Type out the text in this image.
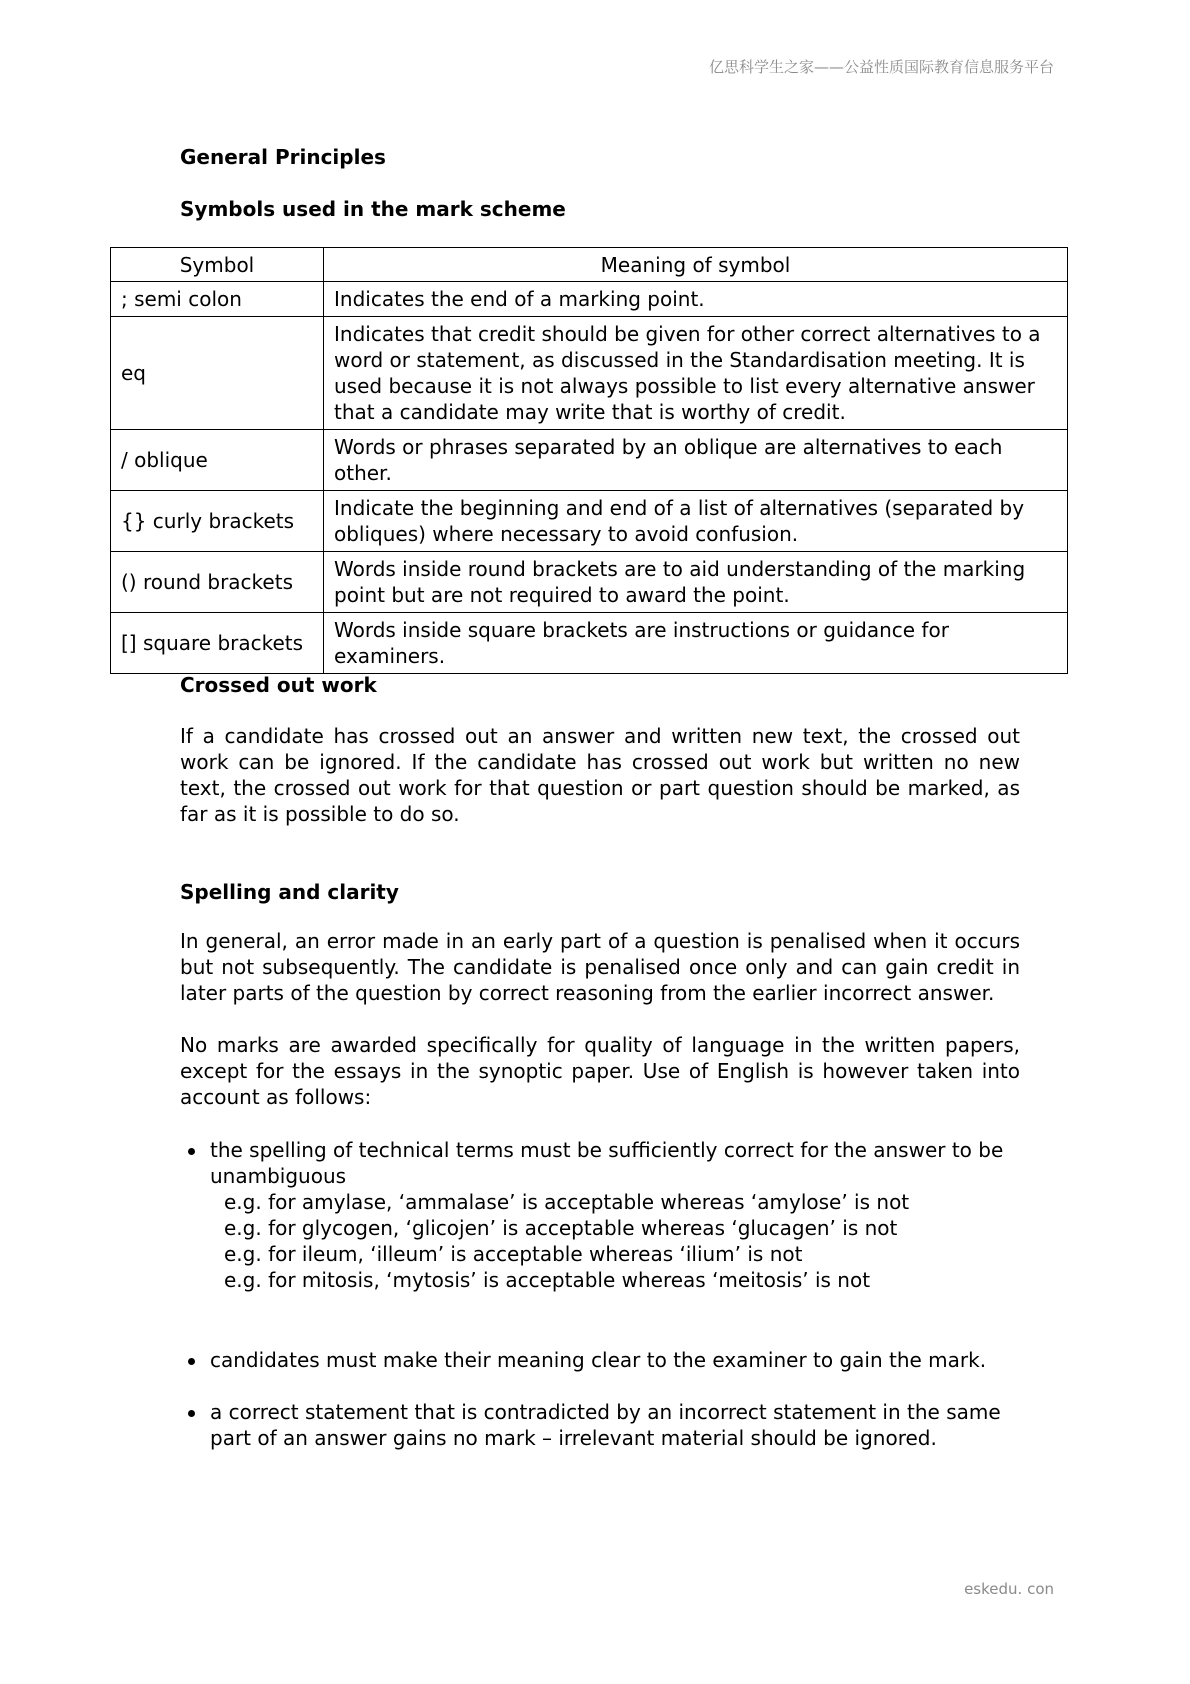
亿思科学生之家——公益性质国际教育信息服务平台
General Principles
Symbols used in the mark scheme
Symbol	Meaning of symbol
; semi colon	Indicates the end of a marking point.
eq	Indicates that credit should be given for other correct alternatives to a word or statement, as discussed in the Standardisation meeting. It is used because it is not always possible to list every alternative answer that a candidate may write that is worthy of credit.
/ oblique	Words or phrases separated by an oblique are alternatives to each other.
{} curly brackets	Indicate the beginning and end of a list of alternatives (separated by obliques) where necessary to avoid confusion.
() round brackets	Words inside round brackets are to aid understanding of the marking point but are not required to award the point.
[] square brackets	Words inside square brackets are instructions or guidance for examiners.
Crossed out work
If a candidate has crossed out an answer and written new text, the crossed out work can be ignored. If the candidate has crossed out work but written no new text, the crossed out work for that question or part question should be marked, as far as it is possible to do so.
Spelling and clarity
In general, an error made in an early part of a question is penalised when it occurs but not subsequently. The candidate is penalised once only and can gain credit in later parts of the question by correct reasoning from the earlier incorrect answer.
No marks are awarded specifically for quality of language in the written papers, except for the essays in the synoptic paper. Use of English is however taken into account as follows:
the spelling of technical terms must be sufficiently correct for the answer to be unambiguous
e.g. for amylase, ‘ammalase’ is acceptable whereas ‘amylose’ is not
e.g. for glycogen, ‘glicojen’ is acceptable whereas ‘glucagen’ is not
e.g. for ileum, ‘illeum’ is acceptable whereas ‘ilium’ is not
e.g. for mitosis, ‘mytosis’ is acceptable whereas ‘meitosis’ is not
candidates must make their meaning clear to the examiner to gain the mark.
a correct statement that is contradicted by an incorrect statement in the same part of an answer gains no mark – irrelevant material should be ignored.
eskedu. con
